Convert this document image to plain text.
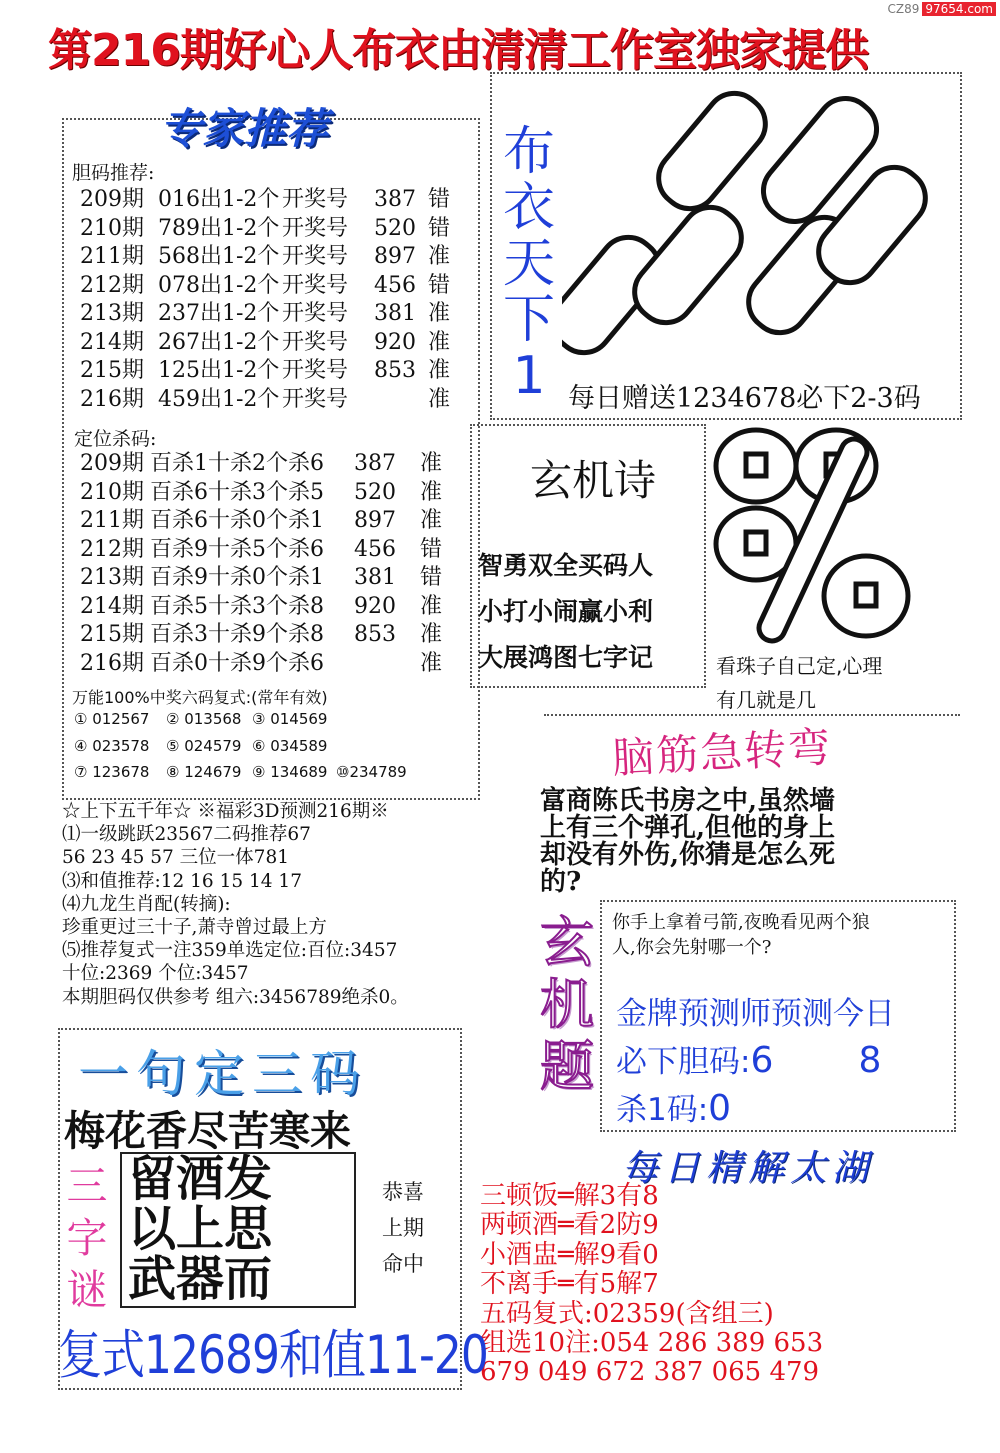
CZ89 97654.com
第216期好心人布衣由清清工作室独家提供
专家推荐
胆码推荐:
209期 016出1-2个 开奖号 387 错
210期 789出1-2个 开奖号 520 错
211期 568出1-2个 开奖号 897 准
212期 078出1-2个 开奖号 456 错
213期 237出1-2个 开奖号 381 准
214期 267出1-2个 开奖号 920 准
215期 125出1-2个 开奖号 853 准
216期 459出1-2个 开奖号	准
定位杀码:
209期 百杀1十杀2个杀6 387 准
210期 百杀6十杀3个杀5 520 准
211期 百杀6十杀0个杀1 897 准
212期 百杀9十杀5个杀6 456 错
213期 百杀9十杀0个杀1 381 错
214期 百杀5十杀3个杀8 920 准
215期 百杀3十杀9个杀8 853 准
216期 百杀0十杀9个杀6	准
万能100%中奖六码复式:(常年有效)
① 012567 ② 013568 ③ 014569
④ 023578 ⑤ 024579 ⑥ 034589
⑦ 123678 ⑧ 124679 ⑨ 134689 ⑩234789
☆上下五千年☆ ※福彩3D预测216期※
⑴一级跳跃23567二码推荐67
56 23 45 57 三位一体781
⑶和值推荐:12 16 15 14 17
⑷九龙生肖配(转摘):
珍重更过三十子,萧寺曾过最上方
⑸推荐复式一注359单选定位:百位:3457
十位:2369 个位:3457
本期胆码仅供参考 组六:3456789绝杀0。
布
衣
天
下
1
36
每日赠送1234678必下2-3码
玄机诗
智勇双全买码人
小打小闹赢小利
大展鸿图七字记
%
看珠子自己定,心理
有几就是几
脑筋急转弯
富商陈氏书房之中,虽然墙
上有三个弹孔,但他的身上
却没有外伤,你猜是怎么死
的?
玄
机
题
你手上拿着弓箭,夜晚看见两个狼
人,你会先射哪一个?
金牌预测师预测今日
必下胆码:6 8
杀1码:0
每日精解太湖
三顿饭═解3有8
两顿酒═看2防9
小酒盅═解9看0
不离手═有5解7
五码复式:02359(含组三)
组选10注:054 286 389 653
679 049 672 387 065 479
一句定三码
梅花香尽苦寒来
三
字
谜
留酒发
以上思
武器而
恭喜
上期
命中
复式12689和值11-20
